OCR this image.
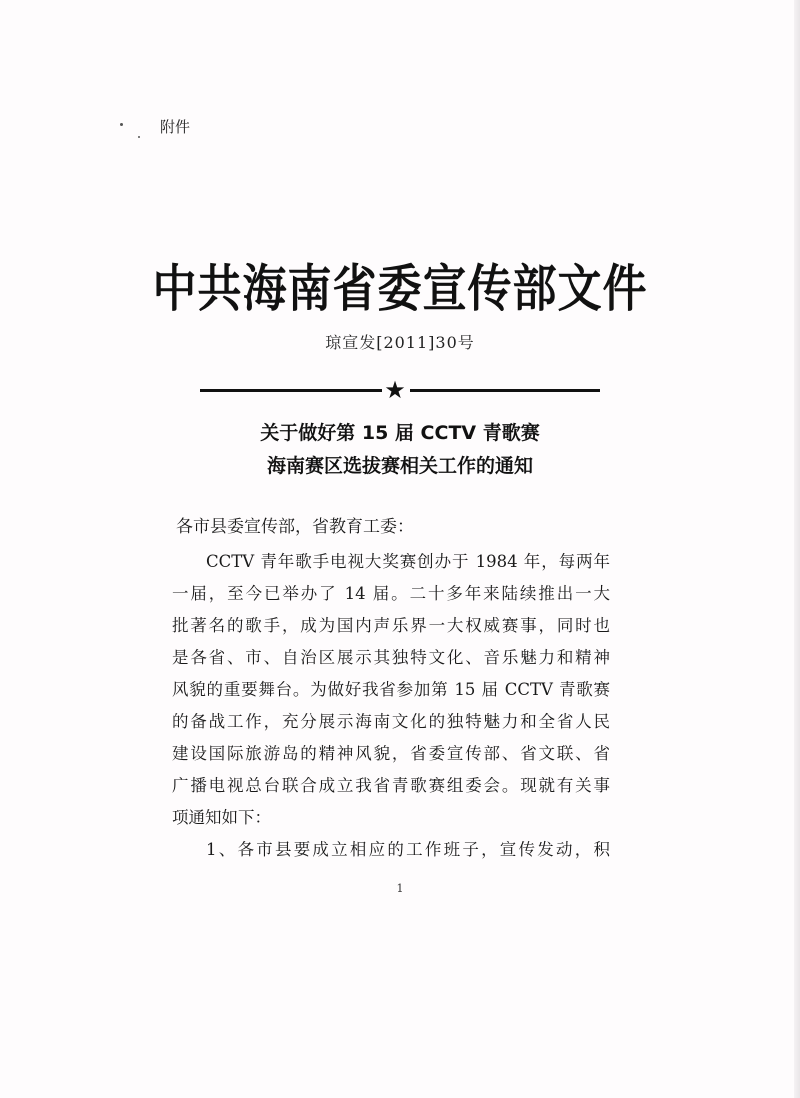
附件
中共海南省委宣传部文件
琼宣发[2011]30号
★
关于做好第 15 届 CCTV 青歌赛
海南赛区选拔赛相关工作的通知
各市县委宣传部，省教育工委：
CCTV 青年歌手电视大奖赛创办于 1984 年，每两年
一届，至今已举办了 14 届。二十多年来陆续推出一大
批著名的歌手，成为国内声乐界一大权威赛事，同时也
是各省、市、自治区展示其独特文化、音乐魅力和精神
风貌的重要舞台。为做好我省参加第 15 届 CCTV 青歌赛
的备战工作，充分展示海南文化的独特魅力和全省人民
建设国际旅游岛的精神风貌，省委宣传部、省文联、省
广播电视总台联合成立我省青歌赛组委会。现就有关事
项通知如下：
1、各市县要成立相应的工作班子，宣传发动，积
1
